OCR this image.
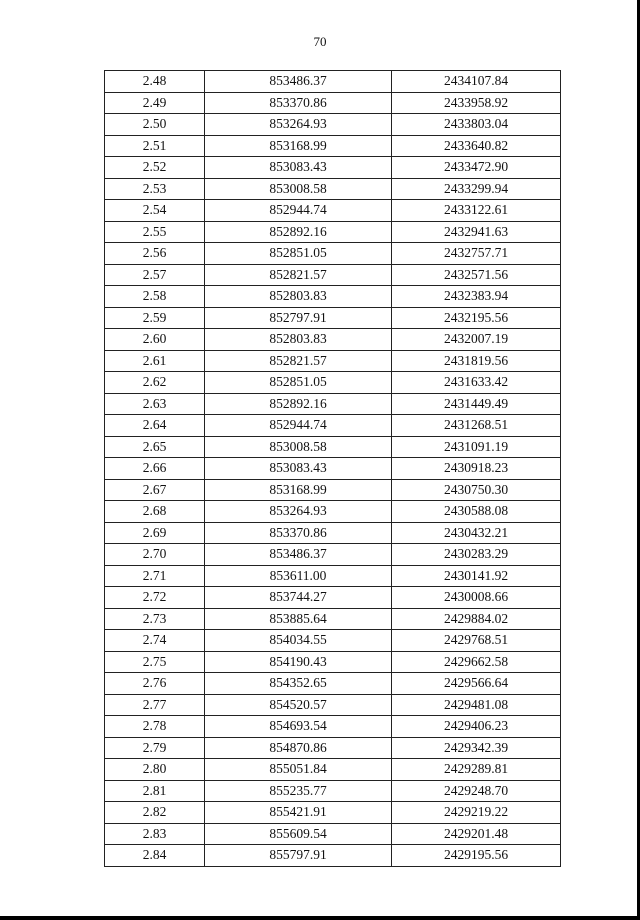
70
2.48	853486.37	2434107.84
2.49	853370.86	2433958.92
2.50	853264.93	2433803.04
2.51	853168.99	2433640.82
2.52	853083.43	2433472.90
2.53	853008.58	2433299.94
2.54	852944.74	2433122.61
2.55	852892.16	2432941.63
2.56	852851.05	2432757.71
2.57	852821.57	2432571.56
2.58	852803.83	2432383.94
2.59	852797.91	2432195.56
2.60	852803.83	2432007.19
2.61	852821.57	2431819.56
2.62	852851.05	2431633.42
2.63	852892.16	2431449.49
2.64	852944.74	2431268.51
2.65	853008.58	2431091.19
2.66	853083.43	2430918.23
2.67	853168.99	2430750.30
2.68	853264.93	2430588.08
2.69	853370.86	2430432.21
2.70	853486.37	2430283.29
2.71	853611.00	2430141.92
2.72	853744.27	2430008.66
2.73	853885.64	2429884.02
2.74	854034.55	2429768.51
2.75	854190.43	2429662.58
2.76	854352.65	2429566.64
2.77	854520.57	2429481.08
2.78	854693.54	2429406.23
2.79	854870.86	2429342.39
2.80	855051.84	2429289.81
2.81	855235.77	2429248.70
2.82	855421.91	2429219.22
2.83	855609.54	2429201.48
2.84	855797.91	2429195.56
